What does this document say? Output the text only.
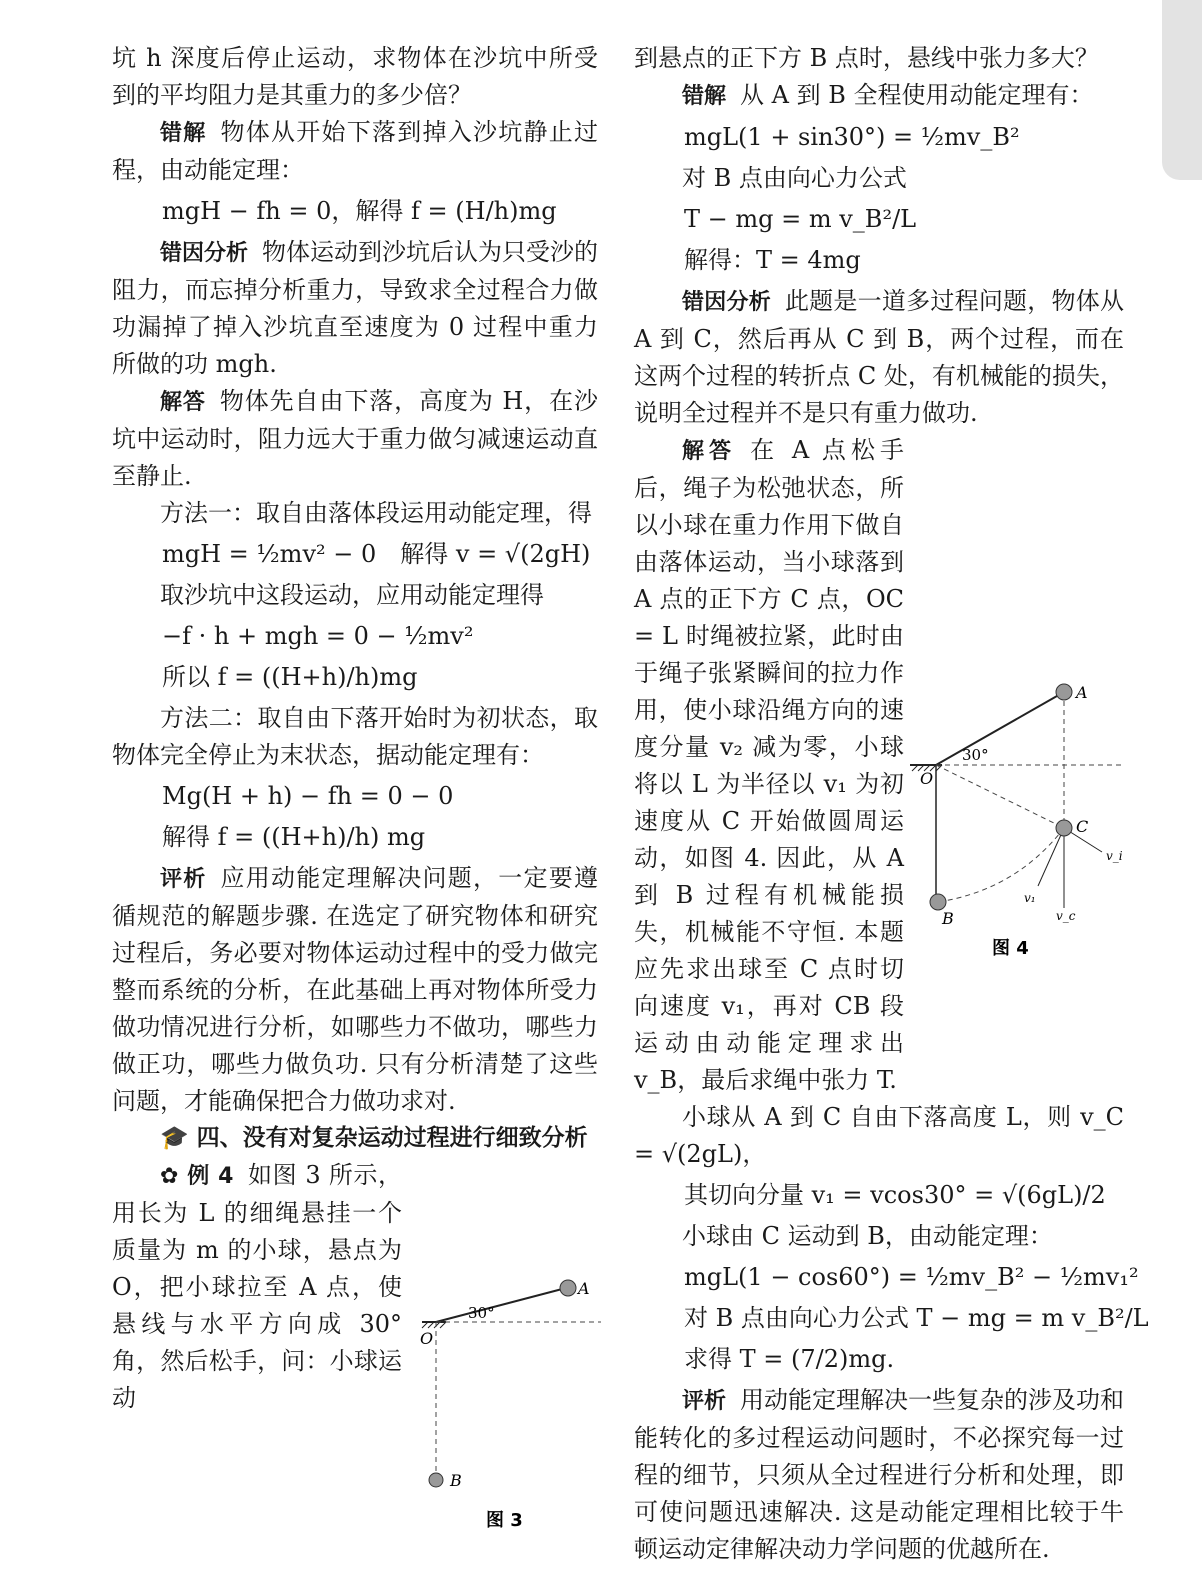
坑 h 深度后停止运动，求物体在沙坑中所受到的平均阻力是其重力的多少倍？

错解 物体从开始下落到掉入沙坑静止过程，由动能定理：

mgH − fh = 0，解得 f = (H/h)mg

错因分析 物体运动到沙坑后认为只受沙的阻力，而忘掉分析重力，导致求全过程合力做功漏掉了掉入沙坑直至速度为 0 过程中重力所做的功 mgh.

解答 物体先自由下落，高度为 H，在沙坑中运动时，阻力远大于重力做匀减速运动直至静止.

方法一：取自由落体段运用动能定理，得

mgH = ½mv² − 0　解得 v = √(2gH)

取沙坑中这段运动，应用动能定理得

−f · h + mgh = 0 − ½mv²

所以 f = ((H+h)/h)mg

方法二：取自由下落开始时为初状态，取物体完全停止为末状态，据动能定理有：

Mg(H + h) − fh = 0 − 0

解得 f = ((H+h)/h) mg

评析 应用动能定理解决问题，一定要遵循规范的解题步骤. 在选定了研究物体和研究过程后，务必要对物体运动过程中的受力做完整而系统的分析，在此基础上再对物体所受力做功情况进行分析，如哪些力不做功，哪些力做正功，哪些力做负功. 只有分析清楚了这些问题，才能确保把合力做功求对.

🎓 四、没有对复杂运动过程进行细致分析

✿ 例 4 如图 3 所示，用长为 L 的细绳悬挂一个质量为 m 的小球，悬点为 O，把小球拉至 A 点，使悬线与水平方向成 30° 角，然后松手，问：小球运动

A
O
B
30°
图 3

到悬点的正下方 B 点时，悬线中张力多大？

错解 从 A 到 B 全程使用动能定理有：

mgL(1 + sin30°) = ½mv_B²

对 B 点由向心力公式

T − mg = m v_B²/L

解得：T = 4mg

错因分析 此题是一道多过程问题，物体从 A 到 C，然后再从 C 到 B，两个过程，而在这两个过程的转折点 C 处，有机械能的损失，说明全过程并不是只有重力做功.

解答 在 A 点松手后，绳子为松弛状态，所以小球在重力作用下做自由落体运动，当小球落到 A 点的正下方 C 点，OC = L 时绳被拉紧，此时由于绳子张紧瞬间的拉力作用，使小球沿绳方向的速度分量 v₂ 减为零，小球将以 L 为半径以 v₁ 为初速度从 C 开始做圆周运动，如图 4. 因此，从 A 到 B 过程有机械能损失，机械能不守恒. 本题应先求出球至 C 点时切向速度 v₁，再对 CB 段运动由动能定理求出 v_B，最后求绳中张力 T.

小球从 A 到 C 自由下落高度 L，则 v_C = √(2gL)，

其切向分量 v₁ = vcos30° = √(6gL)/2

小球由 C 运动到 B，由动能定理：

mgL(1 − cos60°) = ½mv_B² − ½mv₁²

对 B 点由向心力公式 T − mg = m v_B²/L

求得 T = (7/2)mg.

评析 用动能定理解决一些复杂的涉及功和能转化的多过程运动问题时，不必探究每一过程的细节，只须从全过程进行分析和处理，即可使问题迅速解决. 这是动能定理相比较于牛顿运动定律解决动力学问题的优越所在.

A
O
C
B
30°
v_i
v₁
v_c
图 4
